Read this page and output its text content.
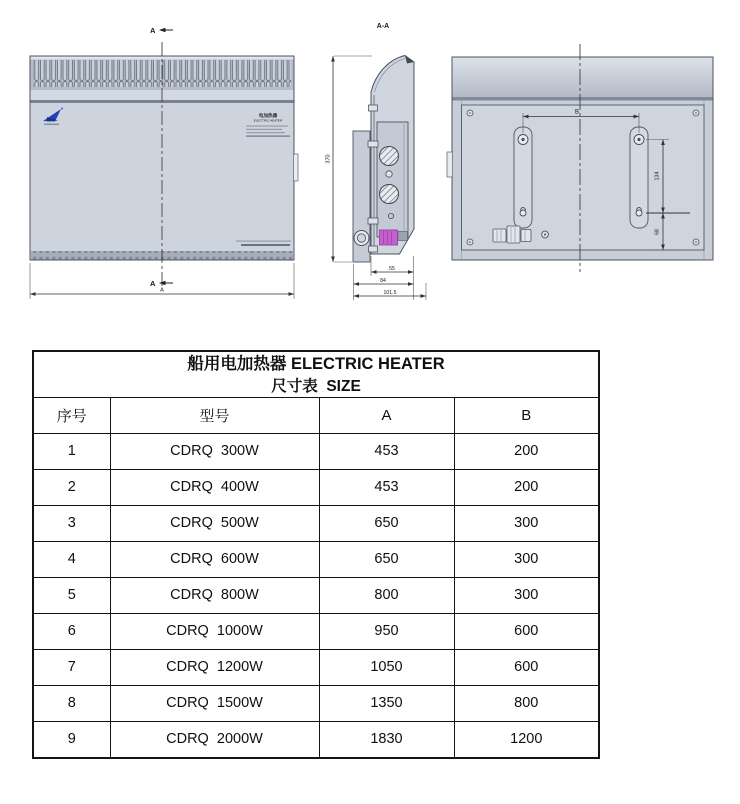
电加热器
ELECTRIC HEATER
A
A
A
A-A
370
55
84
101.5
B
134
68
船用电加热器 ELECTRIC HEATER
尺寸表  SIZE			

序号	型号	A	B
1	CDRQ  300W	453	200
2	CDRQ  400W	453	200
3	CDRQ  500W	650	300
4	CDRQ  600W	650	300
5	CDRQ  800W	800	300
6	CDRQ  1000W	950	600
7	CDRQ  1200W	1050	600
8	CDRQ  1500W	1350	800
9	CDRQ  2000W	1830	1200
